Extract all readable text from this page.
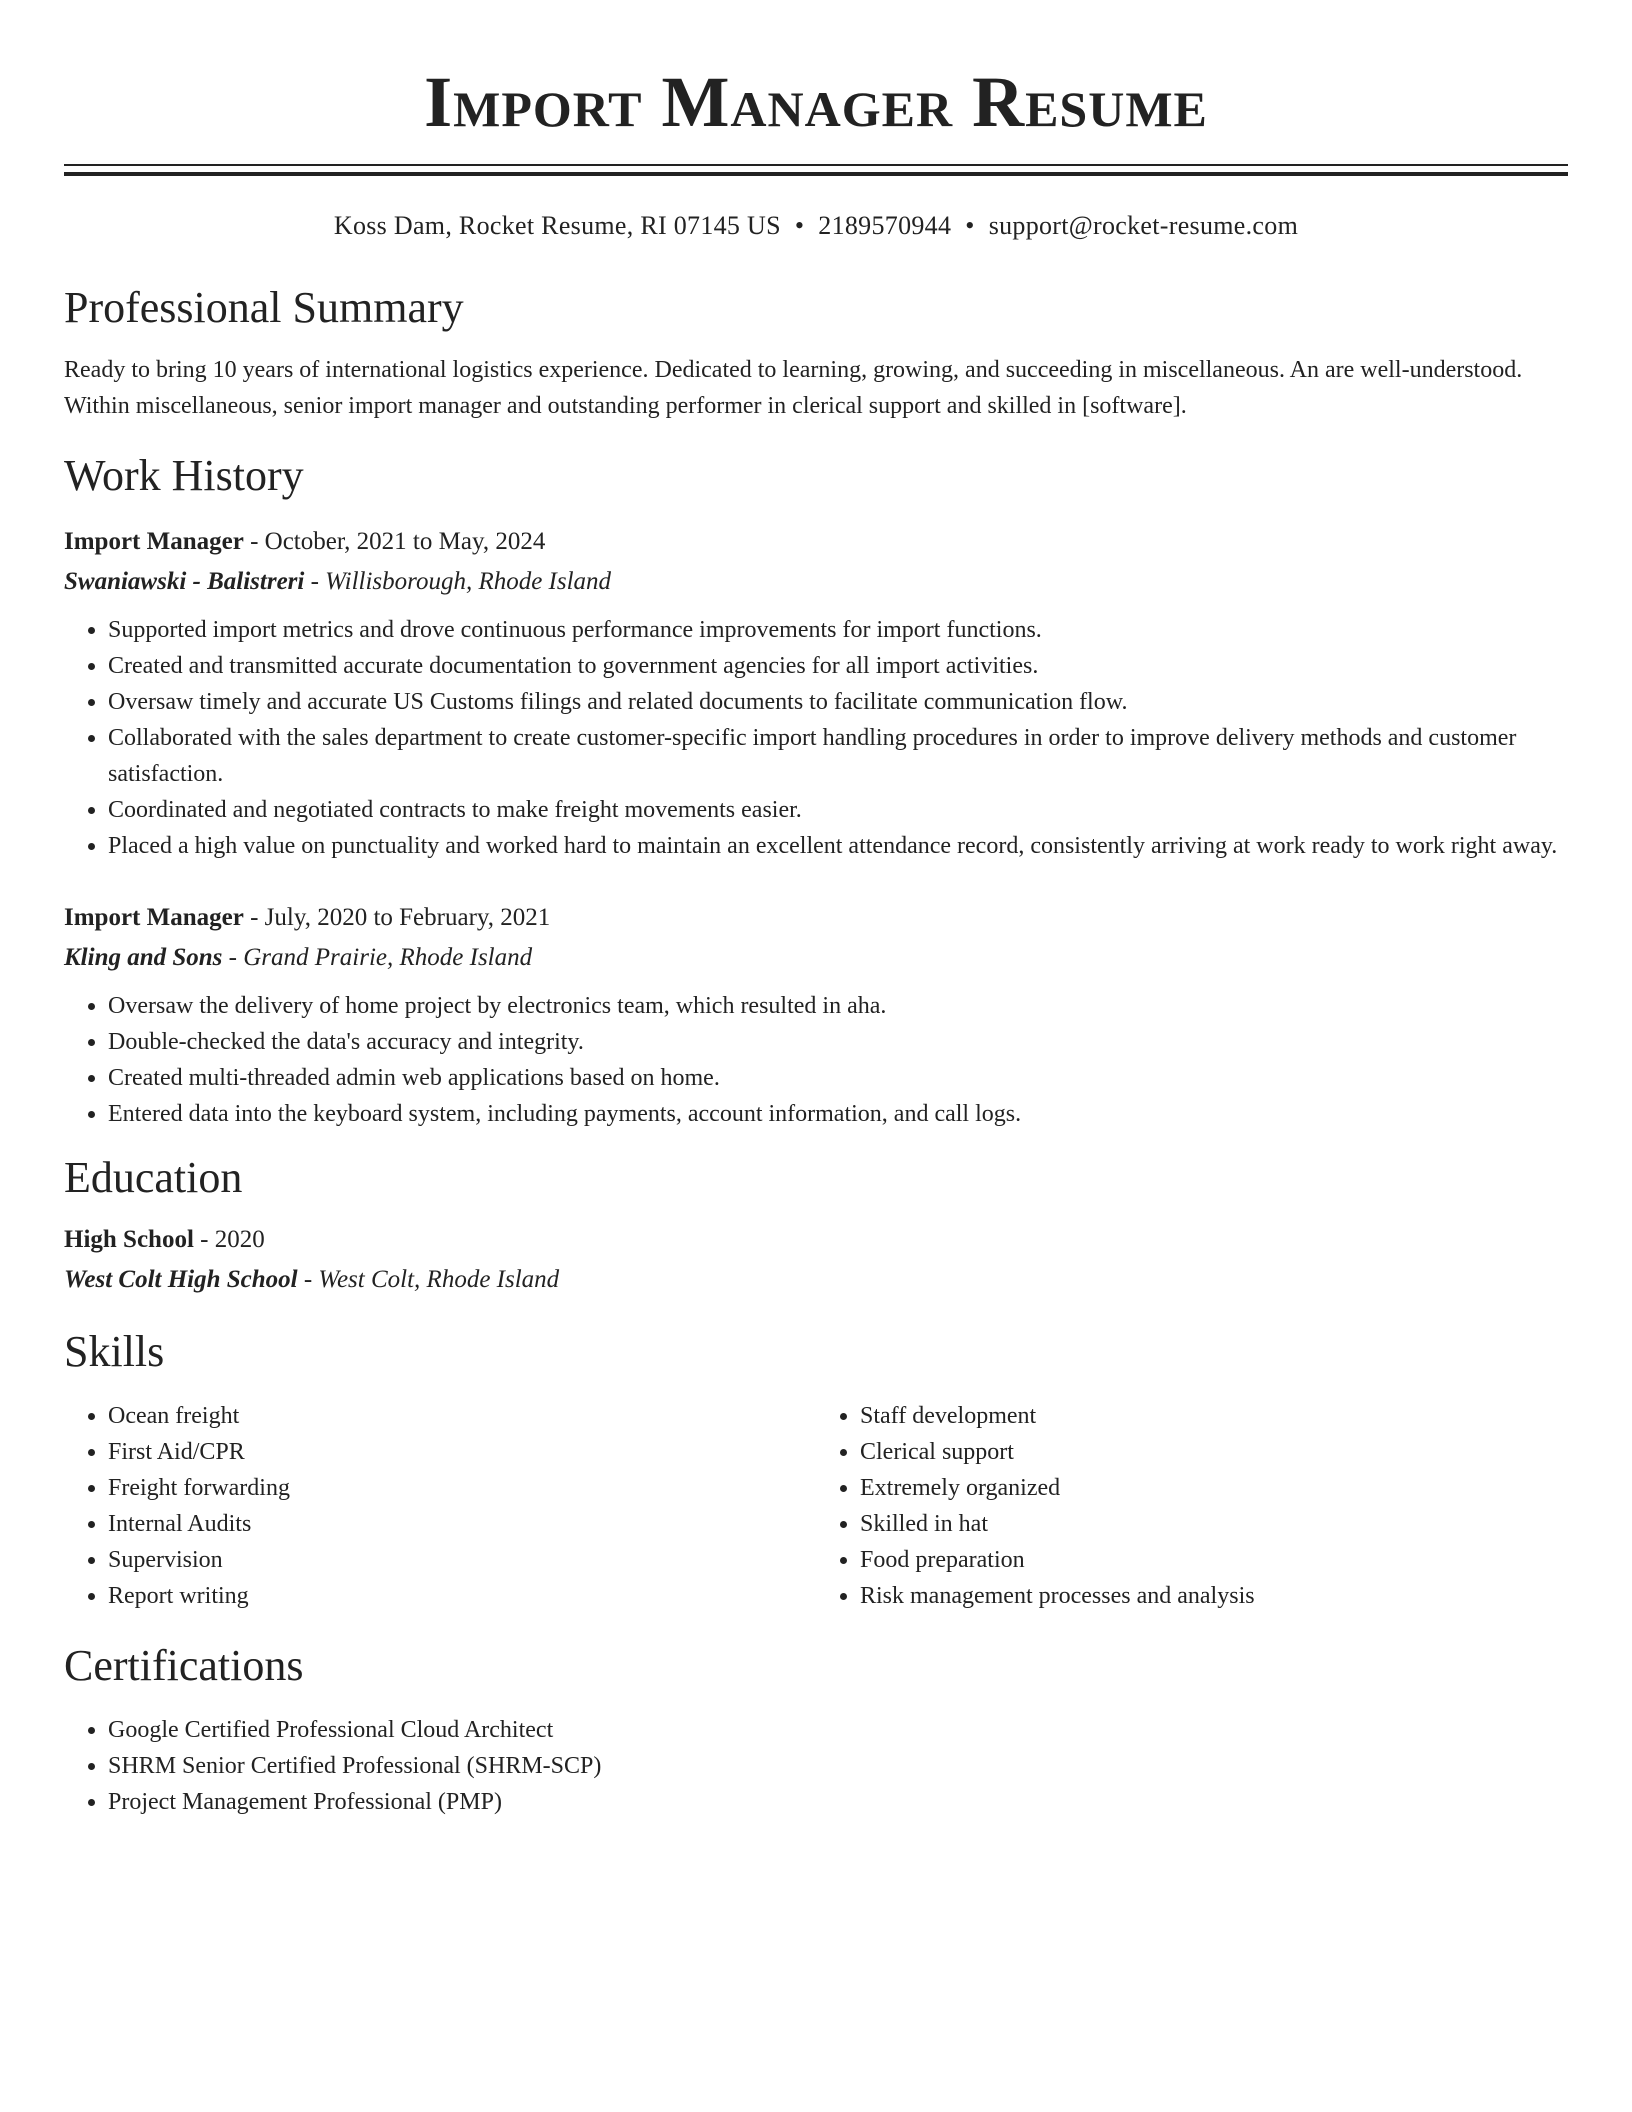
Import Manager Resume
Koss Dam, Rocket Resume, RI 07145 US • 2189570944 • support@rocket-resume.com
Professional Summary

Ready to bring 10 years of international logistics experience. Dedicated to learning, growing, and succeeding in miscellaneous. An are well-understood. Within miscellaneous, senior import manager and outstanding performer in clerical support and skilled in [software].

Work History
Import Manager - October, 2021 to May, 2024
Swaniawski - Balistreri - Willisborough, Rhode Island
• Supported import metrics and drove continuous performance improvements for import functions.
• Created and transmitted accurate documentation to government agencies for all import activities.
• Oversaw timely and accurate US Customs filings and related documents to facilitate communication flow.
• Collaborated with the sales department to create customer-specific import handling procedures in order to improve delivery methods and customer satisfaction.
• Coordinated and negotiated contracts to make freight movements easier.
• Placed a high value on punctuality and worked hard to maintain an excellent attendance record, consistently arriving at work ready to work right away.
Import Manager - July, 2020 to February, 2021
Kling and Sons - Grand Prairie, Rhode Island
• Oversaw the delivery of home project by electronics team, which resulted in aha.
• Double-checked the data's accuracy and integrity.
• Created multi-threaded admin web applications based on home.
• Entered data into the keyboard system, including payments, account information, and call logs.
Education
High School - 2020
West Colt High School - West Colt, Rhode Island
Skills
• Ocean freight
• First Aid/CPR
• Freight forwarding
• Internal Audits
• Supervision
• Report writing
• Staff development
• Clerical support
• Extremely organized
• Skilled in hat
• Food preparation
• Risk management processes and analysis
Certifications
• Google Certified Professional Cloud Architect
• SHRM Senior Certified Professional (SHRM-SCP)
• Project Management Professional (PMP)
